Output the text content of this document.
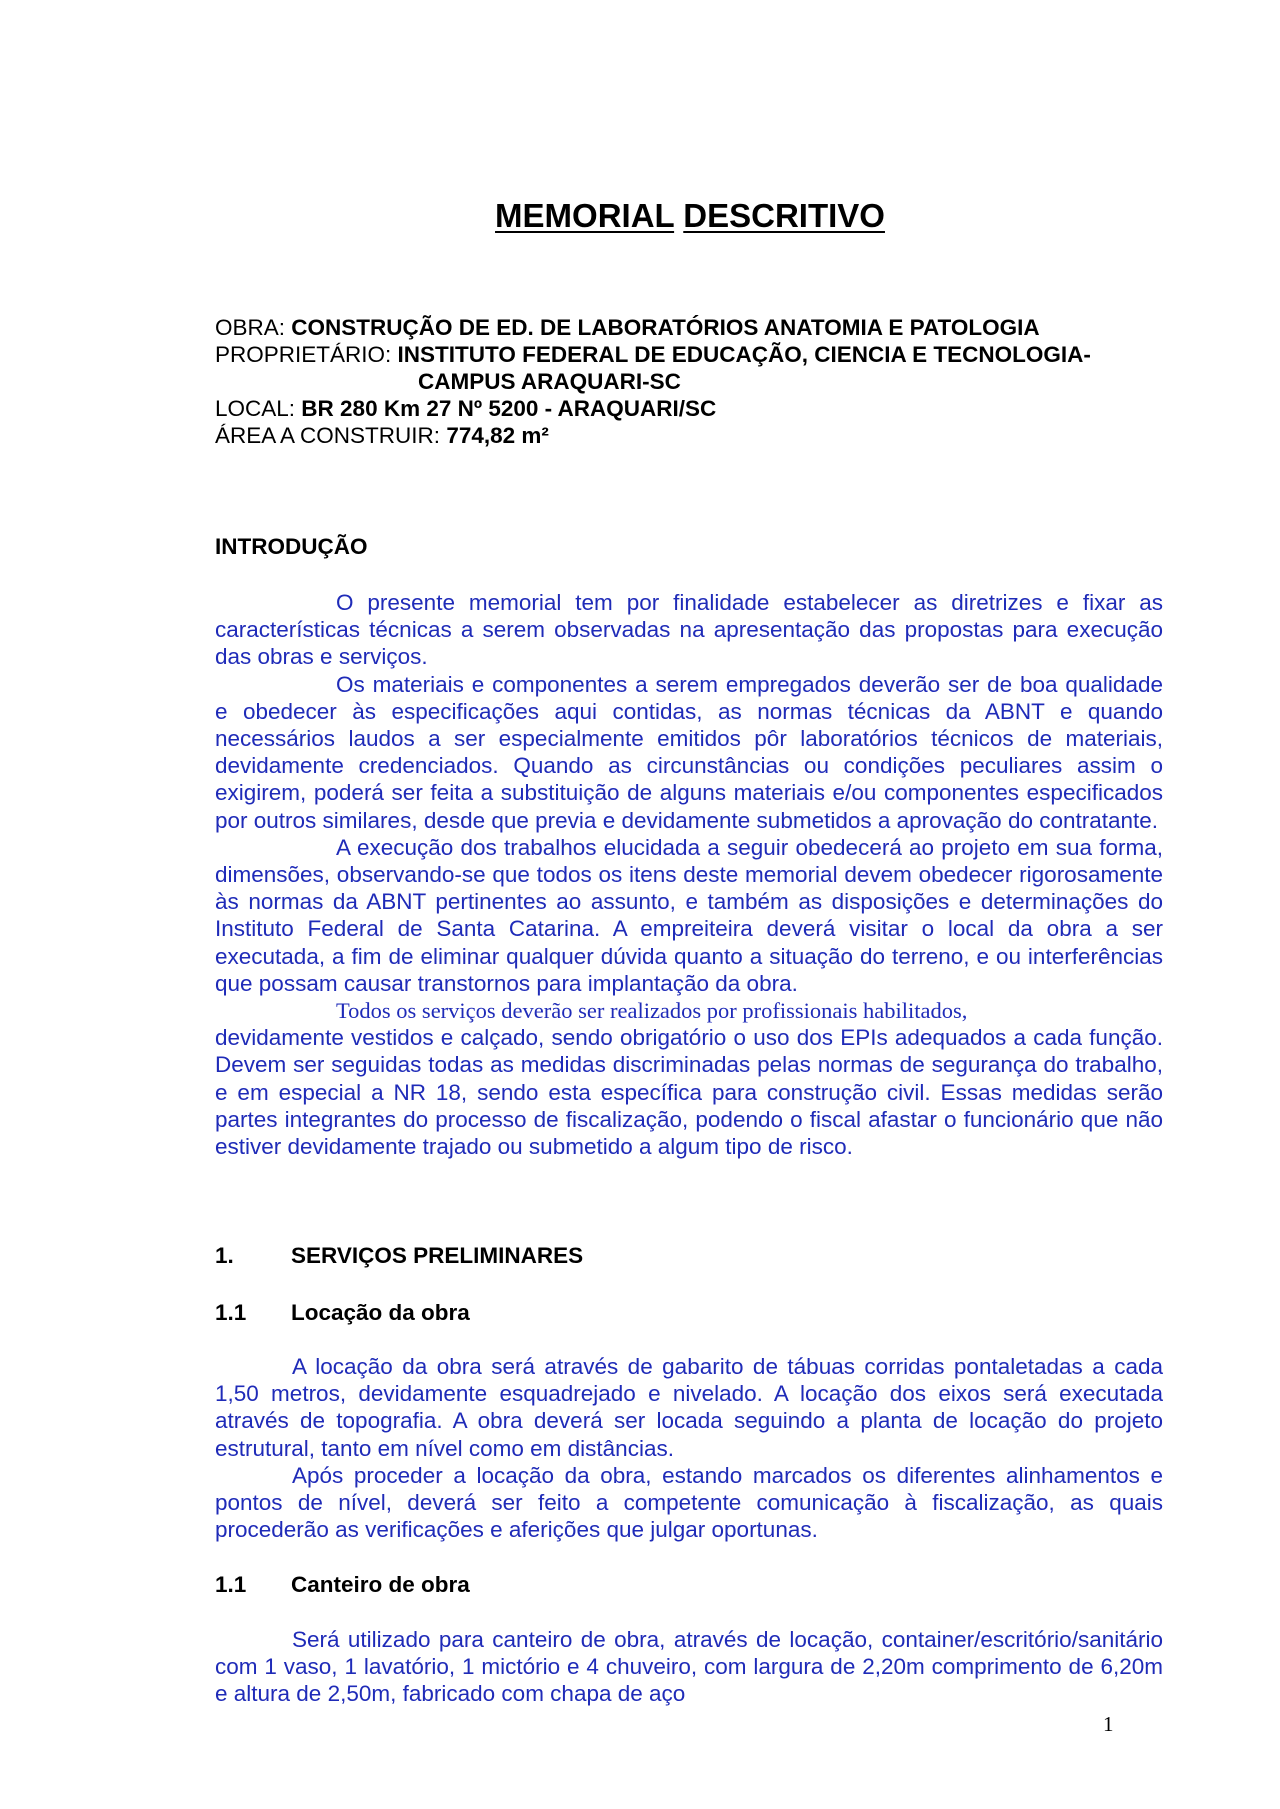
MEMORIAL DESCRITIVO
OBRA: CONSTRUÇÃO DE ED. DE LABORATÓRIOS ANATOMIA E PATOLOGIA
PROPRIETÁRIO: INSTITUTO FEDERAL DE EDUCAÇÃO, CIENCIA E TECNOLOGIA-
CAMPUS ARAQUARI-SC
LOCAL: BR 280 Km 27 Nº 5200 - ARAQUARI/SC
ÁREA A CONSTRUIR: 774,82 m²
INTRODUÇÃO

O presente memorial tem por finalidade estabelecer as diretrizes e fixar as características técnicas a serem observadas na apresentação das propostas para execução das obras e serviços.

Os materiais e componentes a serem empregados deverão ser de boa qualidade e obedecer às especificações aqui contidas, as normas técnicas da ABNT e quando necessários laudos a ser especialmente emitidos pôr laboratórios técnicos de materiais, devidamente credenciados. Quando as circunstâncias ou condições peculiares assim o exigirem, poderá ser feita a substituição de alguns materiais e/ou componentes especificados por outros similares, desde que previa e devidamente submetidos a aprovação do contratante.

A execução dos trabalhos elucidada a seguir obedecerá ao projeto em sua forma, dimensões, observando-se que todos os itens deste memorial devem obedecer rigorosamente às normas da ABNT pertinentes ao assunto, e também as disposições e determinações do Instituto Federal de Santa Catarina. A empreiteira deverá visitar o local da obra a ser executada, a fim de eliminar qualquer dúvida quanto a situação do terreno, e ou interferências que possam causar transtornos para implantação da obra.

Todos os serviços deverão ser realizados por profissionais habilitados,

devidamente vestidos e calçado, sendo obrigatório o uso dos EPIs adequados a cada função. Devem ser seguidas todas as medidas discriminadas pelas normas de segurança do trabalho, e em especial a NR 18, sendo esta específica para construção civil. Essas medidas serão partes integrantes do processo de fiscalização, podendo o fiscal afastar o funcionário que não estiver devidamente trajado ou submetido a algum tipo de risco.

1.	SERVIÇOS PRELIMINARES
1.1 Locação da obra

A locação da obra será através de gabarito de tábuas corridas pontaletadas a cada 1,50 metros, devidamente esquadrejado e nivelado. A locação dos eixos será executada através de topografia. A obra deverá ser locada seguindo a planta de locação do projeto estrutural, tanto em nível como em distâncias.

Após proceder a locação da obra, estando marcados os diferentes alinhamentos e pontos de nível, deverá ser feito a competente comunicação à fiscalização, as quais procederão as verificações e aferições que julgar oportunas.

1.1 Canteiro de obra

Será utilizado para canteiro de obra, através de locação, container/escritório/sanitário com 1 vaso, 1 lavatório, 1 mictório e 4 chuveiro, com largura de 2,20m comprimento de 6,20m e altura de 2,50m, fabricado com chapa de aço

1
